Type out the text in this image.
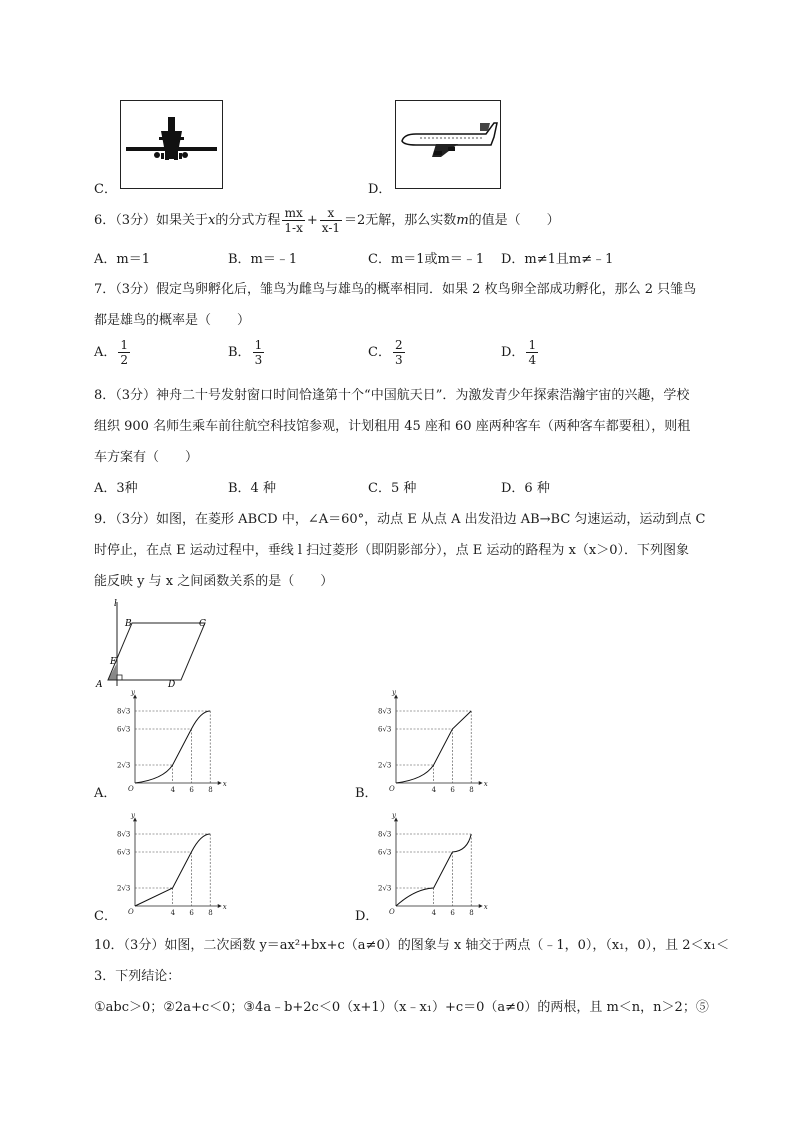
C．	D．
6．（3分）如果关于x的分式方程 $\frac{mx}{1-x} + \frac{x}{x-1} =2$无解，那么实数m的值是（　　）
A．m＝1	B．m＝﹣1	C．m＝1或m＝﹣1 D．m≠1且m≠﹣1
7．（3分）假定鸟卵孵化后，雏鸟为雌鸟与雄鸟的概率相同．如果 2 枚鸟卵全部成功孵化，那么 2 只雏鸟
都是雄鸟的概率是（　　）
A． $\frac{1}{2}$	B． $\frac{1}{3}$	C． $\frac{2}{3}$	D． $\frac{1}{4}$
8．（3分）神舟二十号发射窗口时间恰逢第十个“中国航天日”．为激发青少年探索浩瀚宇宙的兴趣，学校
组织 900 名师生乘车前往航空科技馆参观，计划租用 45 座和 60 座两种客车（两种客车都要租），则租
车方案有（　　）
A．3种	B．4 种	C．5 种	D．6 种
9．（3分）如图，在菱形 ABCD 中，∠A＝60°，动点 E 从点 A 出发沿边 AB→BC 匀速运动，运动到点 C
时停止，在点 E 运动过程中，垂线 l 扫过菱形（即阴影部分），点 E 运动的路程为 x（x＞0）．下列图象
能反映 y 与 x 之间函数关系的是（　　）
l
B	C
E
A	D
y
x
O
2√3
6√3
8√3
4 6 8
A．
y
x
O
2√3
6√3
8√3
4 6 8
B．
y
x
O
2√3
6√3
8√3
4 6 8
C．
y
x
O
2√3
6√3
8√3
4 6 8
D．
10．（3分）如图，二次函数 y＝ax²+bx+c（a≠0）的图象与 x 轴交于两点（﹣1，0），（x₁，0），且 2＜x₁＜
3．下列结论：
①abc＞0；②2a+c＜0；③4a﹣b+2c＜0（x+1）（x﹣x₁）+c＝0（a≠0）的两根，且 m＜n，n＞2；⑤
